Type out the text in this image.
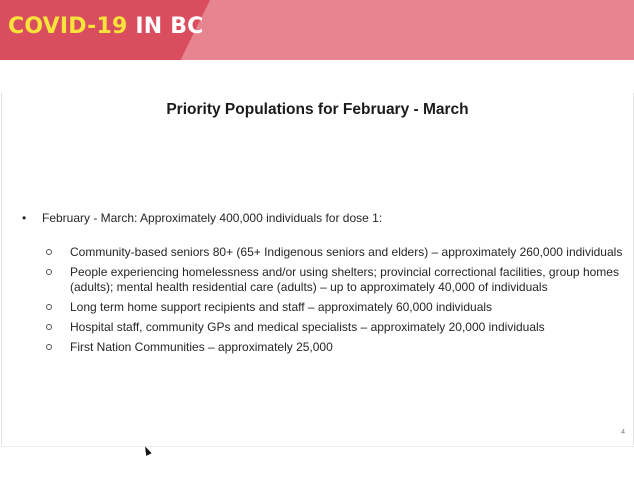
COVID-19 IN BC
Priority Populations for February - March
• February - March: Approximately 400,000 individuals for dose 1:
Community-based seniors 80+ (65+ Indigenous seniors and elders) – approximately 260,000 individuals
People experiencing homelessness and/or using shelters; provincial correctional facilities, group homes (adults); mental health residential care (adults) – up to approximately 40,000 of individuals
Long term home support recipients and staff – approximately 60,000 individuals
Hospital staff, community GPs and medical specialists – approximately 20,000 individuals
First Nation Communities – approximately 25,000
4
